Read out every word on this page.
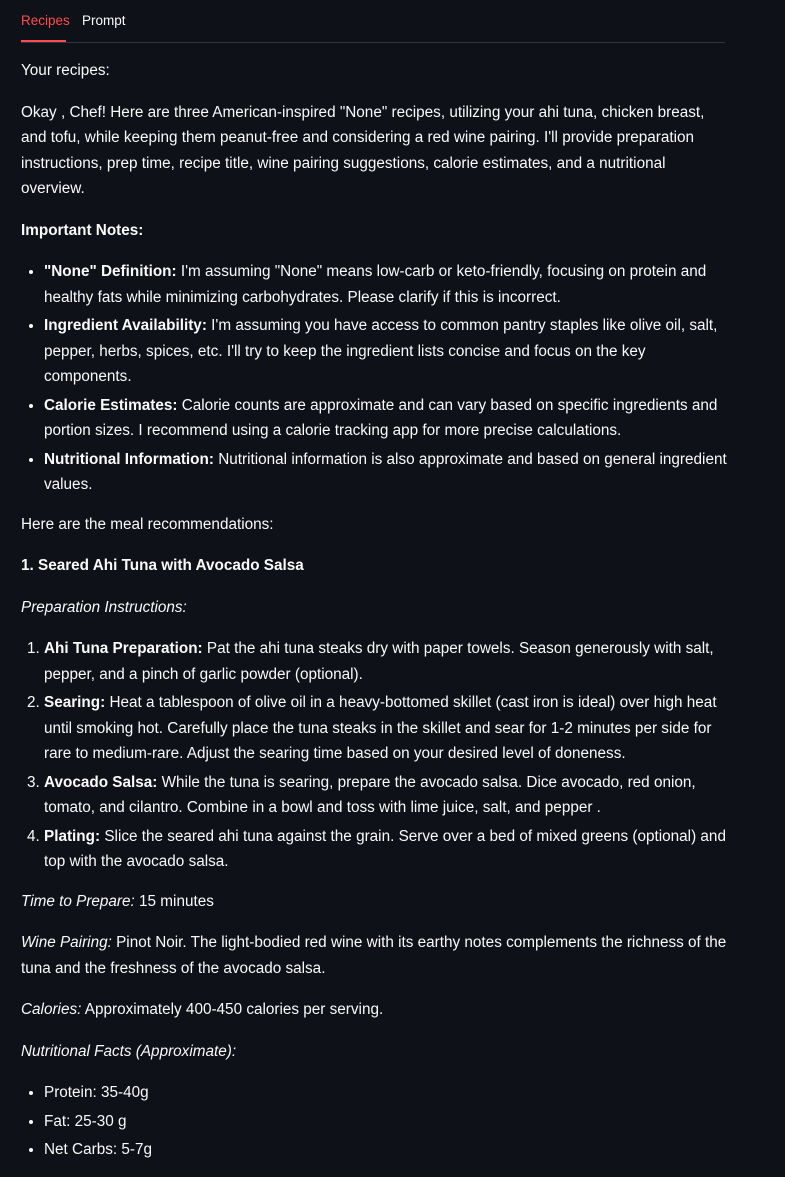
Recipes Prompt

Your recipes:

Okay , Chef! Here are three American-inspired "None" recipes, utilizing your ahi tuna, chicken breast, and tofu, while keeping them peanut-free and considering a red wine pairing. I'll provide preparation instructions, prep time, recipe title, wine pairing suggestions, calorie estimates, and a nutritional overview.

Important Notes:

• "None" Definition: I'm assuming "None" means low-carb or keto-friendly, focusing on protein and healthy fats while minimizing carbohydrates. Please clarify if this is incorrect.
• Ingredient Availability: I'm assuming you have access to common pantry staples like olive oil, salt, pepper, herbs, spices, etc. I'll try to keep the ingredient lists concise and focus on the key components.
• Calorie Estimates: Calorie counts are approximate and can vary based on specific ingredients and portion sizes. I recommend using a calorie tracking app for more precise calculations.
• Nutritional Information: Nutritional information is also approximate and based on general ingredient values.

Here are the meal recommendations:

1. Seared Ahi Tuna with Avocado Salsa

Preparation Instructions:

1. Ahi Tuna Preparation: Pat the ahi tuna steaks dry with paper towels. Season generously with salt, pepper, and a pinch of garlic powder (optional).
2. Searing: Heat a tablespoon of olive oil in a heavy-bottomed skillet (cast iron is ideal) over high heat until smoking hot. Carefully place the tuna steaks in the skillet and sear for 1-2 minutes per side for rare to medium-rare. Adjust the searing time based on your desired level of doneness.
3. Avocado Salsa: While the tuna is searing, prepare the avocado salsa. Dice avocado, red onion, tomato, and cilantro. Combine in a bowl and toss with lime juice, salt, and pepper .
4. Plating: Slice the seared ahi tuna against the grain. Serve over a bed of mixed greens (optional) and top with the avocado salsa.

Time to Prepare: 15 minutes

Wine Pairing: Pinot Noir. The light-bodied red wine with its earthy notes complements the richness of the tuna and the freshness of the avocado salsa.

Calories: Approximately 400-450 calories per serving.

Nutritional Facts (Approximate):

• Protein: 35-40g
• Fat: 25-30 g
• Net Carbs: 5-7g
